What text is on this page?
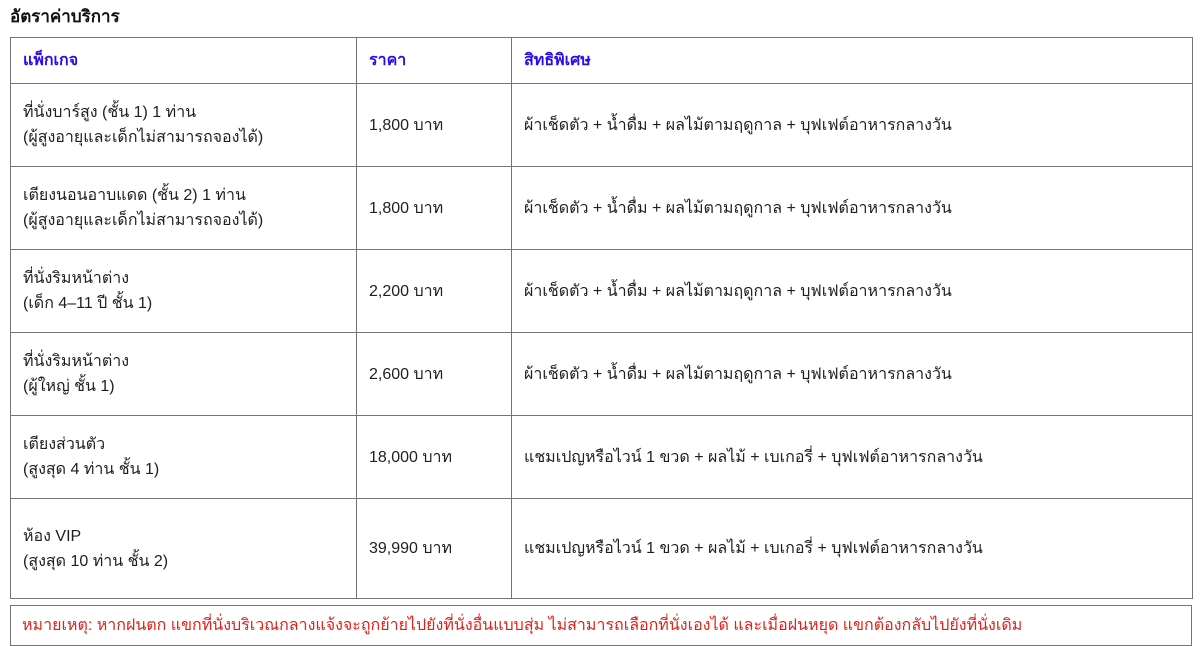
อัตราค่าบริการ
แพ็กเกจ	ราคา	สิทธิพิเศษ

ที่นั่งบาร์สูง (ชั้น 1) 1 ท่าน
(ผู้สูงอายุและเด็กไม่สามารถจองได้)	1,800 บาท	ผ้าเช็ดตัว + น้ำดื่ม + ผลไม้ตามฤดูกาล + บุฟเฟต์อาหารกลางวัน

เตียงนอนอาบแดด (ชั้น 2) 1 ท่าน
(ผู้สูงอายุและเด็กไม่สามารถจองได้)	1,800 บาท	ผ้าเช็ดตัว + น้ำดื่ม + ผลไม้ตามฤดูกาล + บุฟเฟต์อาหารกลางวัน

ที่นั่งริมหน้าต่าง
(เด็ก 4–11 ปี ชั้น 1)	2,200 บาท	ผ้าเช็ดตัว + น้ำดื่ม + ผลไม้ตามฤดูกาล + บุฟเฟต์อาหารกลางวัน

ที่นั่งริมหน้าต่าง
(ผู้ใหญ่ ชั้น 1)	2,600 บาท	ผ้าเช็ดตัว + น้ำดื่ม + ผลไม้ตามฤดูกาล + บุฟเฟต์อาหารกลางวัน

เตียงส่วนตัว
(สูงสุด 4 ท่าน ชั้น 1)	18,000 บาท	แชมเปญหรือไวน์ 1 ขวด + ผลไม้ + เบเกอรี่ + บุฟเฟต์อาหารกลางวัน

ห้อง VIP
(สูงสุด 10 ท่าน ชั้น 2)	39,990 บาท	แชมเปญหรือไวน์ 1 ขวด + ผลไม้ + เบเกอรี่ + บุฟเฟต์อาหารกลางวัน
หมายเหตุ: หากฝนตก แขกที่นั่งบริเวณกลางแจ้งจะถูกย้ายไปยังที่นั่งอื่นแบบสุ่ม ไม่สามารถเลือกที่นั่งเองได้ และเมื่อฝนหยุด แขกต้องกลับไปยังที่นั่งเดิม
